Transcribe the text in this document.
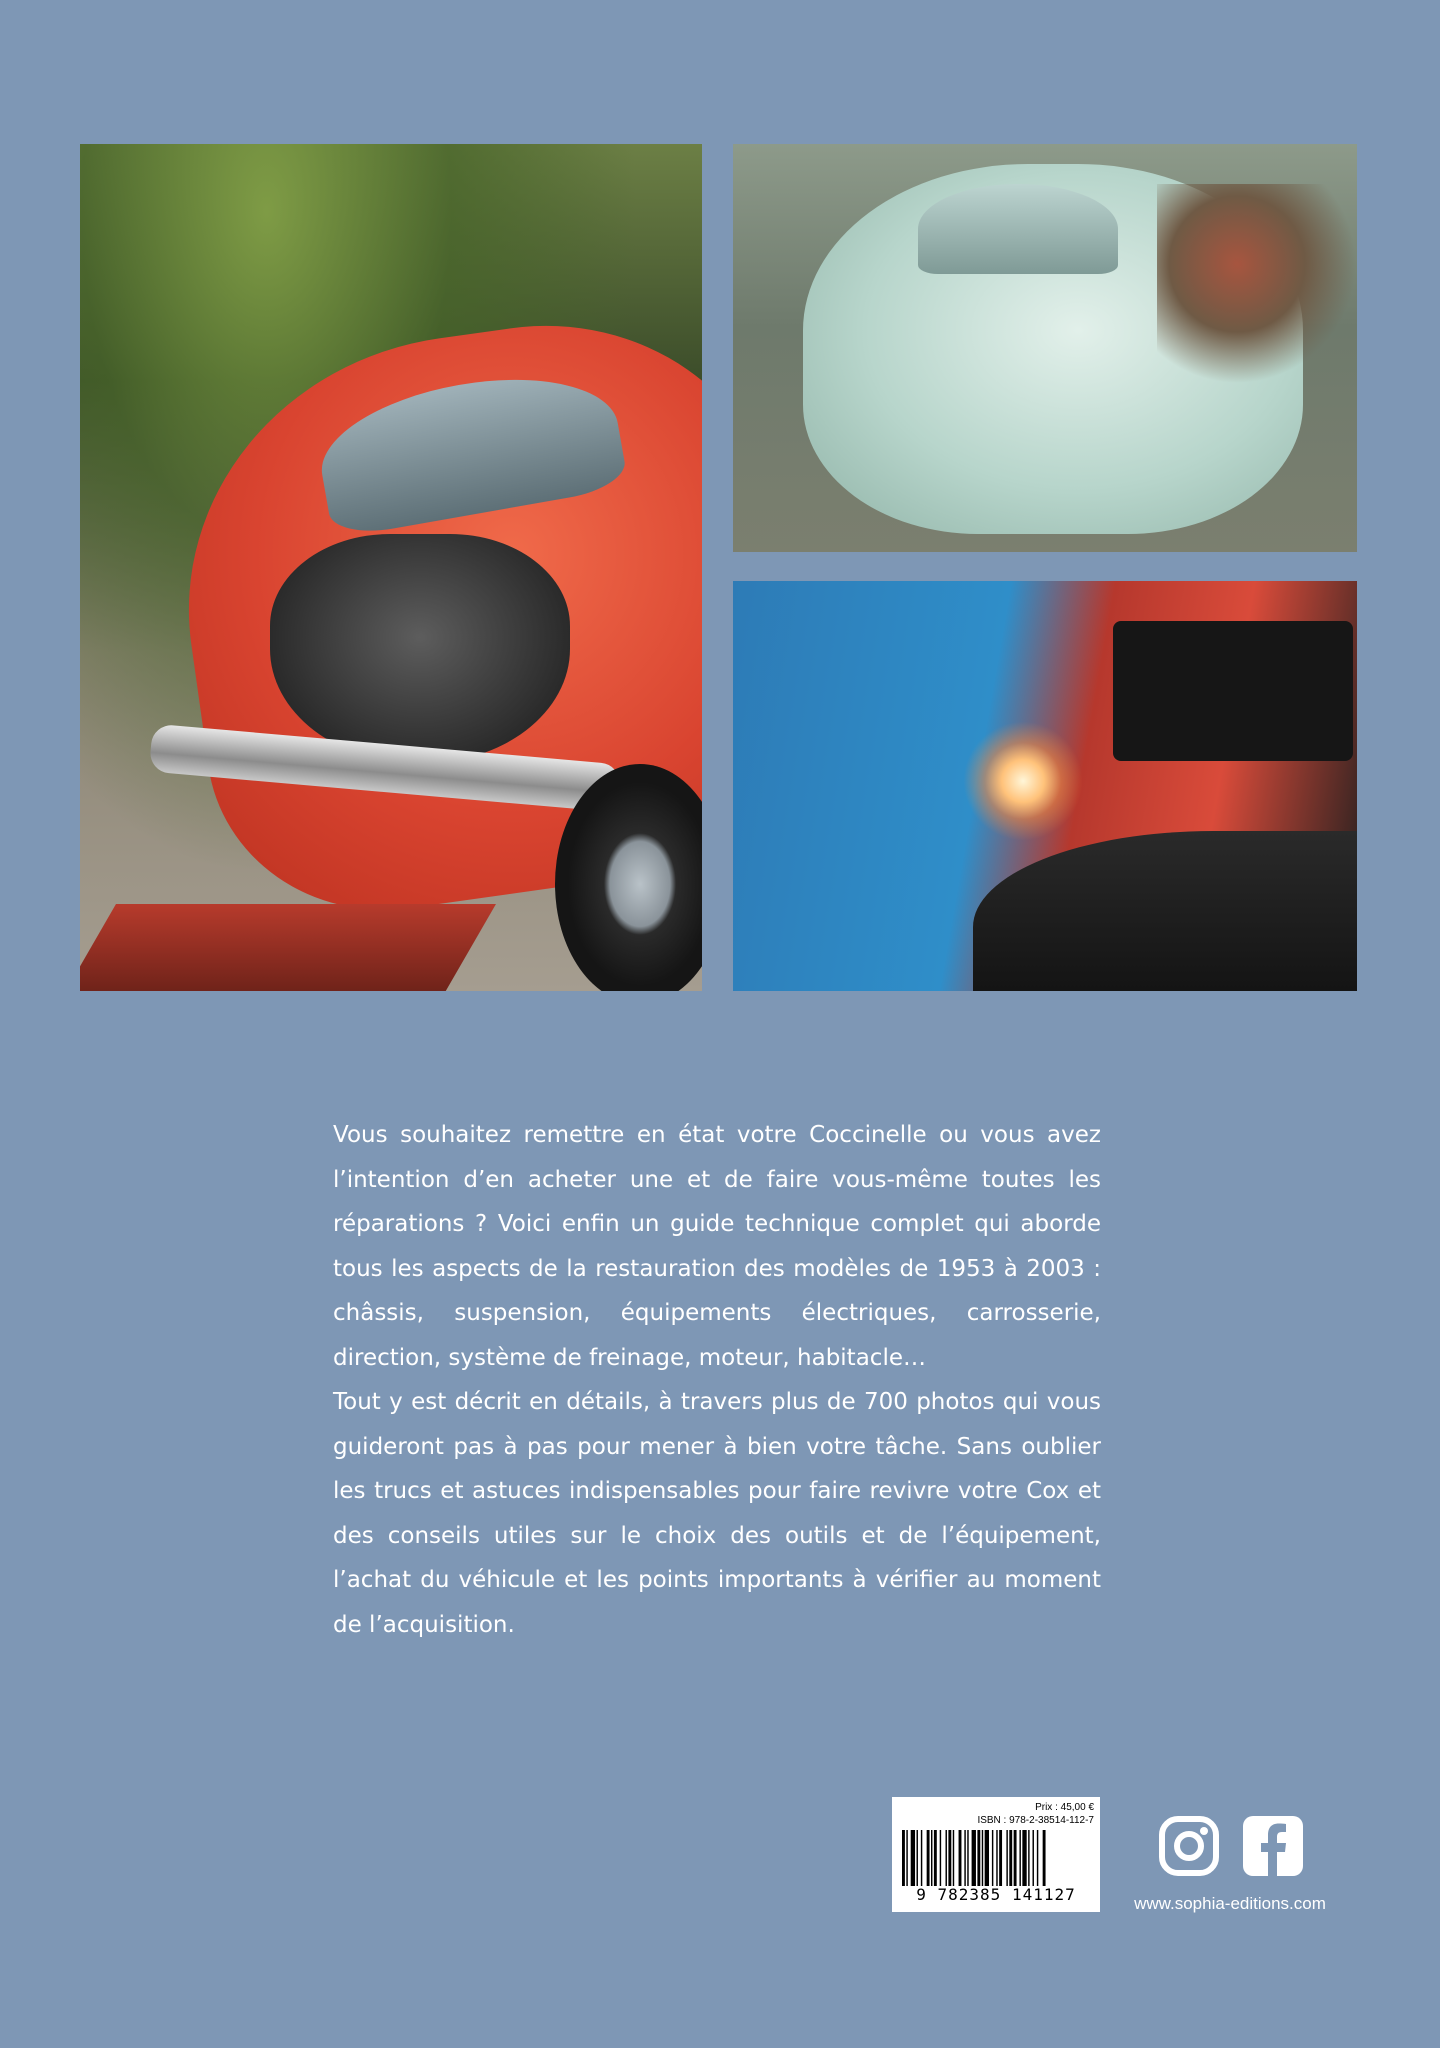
Vous souhaitez remettre en état votre Coccinelle ou vous avez l’intention d’en acheter une et de faire vous-même toutes les réparations ? Voici enfin un guide technique complet qui aborde tous les aspects de la restauration des modèles de 1953 à 2003 : châssis, suspension, équipements électriques, carrosserie, direction, système de freinage, moteur, habitacle…

Tout y est décrit en détails, à travers plus de 700 photos qui vous guideront pas à pas pour mener à bien votre tâche. Sans oublier les trucs et astuces indispensables pour faire revivre votre Cox et des conseils utiles sur le choix des outils et de l’équipement, l’achat du véhicule et les points importants à vérifier au moment de l’acquisition.

Prix : 45,00 €
ISBN : 978-2-38514-112-7
9 782385 141127	www.sophia-editions.com
